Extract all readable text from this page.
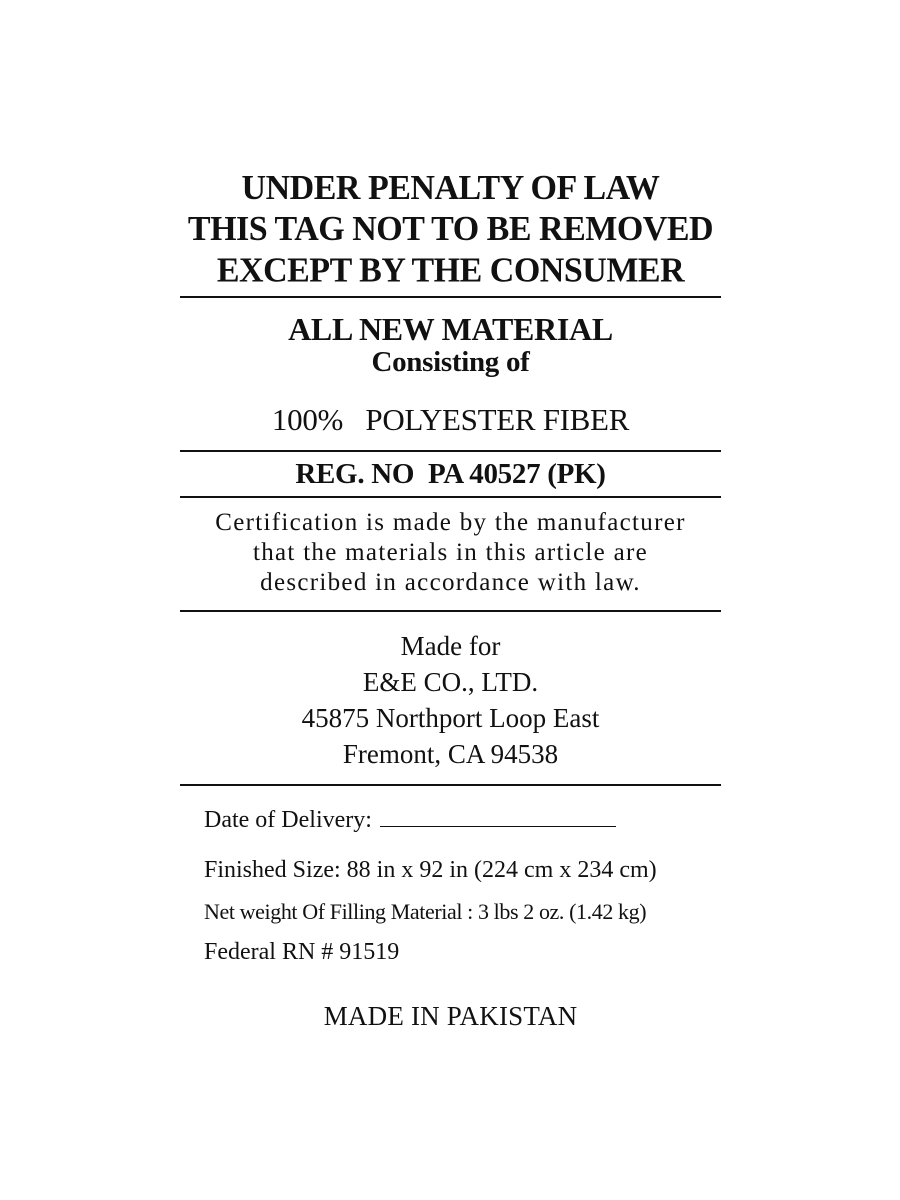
UNDER PENALTY OF LAW
THIS TAG NOT TO BE REMOVED
EXCEPT BY THE CONSUMER
ALL NEW MATERIAL
Consisting of
100%   POLYESTER FIBER
REG. NO  PA 40527 (PK)
Certification is made by the manufacturer
that the materials in this article are
described in accordance with law.
Made for
E&E CO., LTD.
45875 Northport Loop East
Fremont, CA 94538
Date of Delivery:
Finished Size: 88 in x 92 in (224 cm x 234 cm)
Net weight Of Filling Material : 3 lbs 2 oz. (1.42 kg)
Federal RN # 91519
MADE IN PAKISTAN
